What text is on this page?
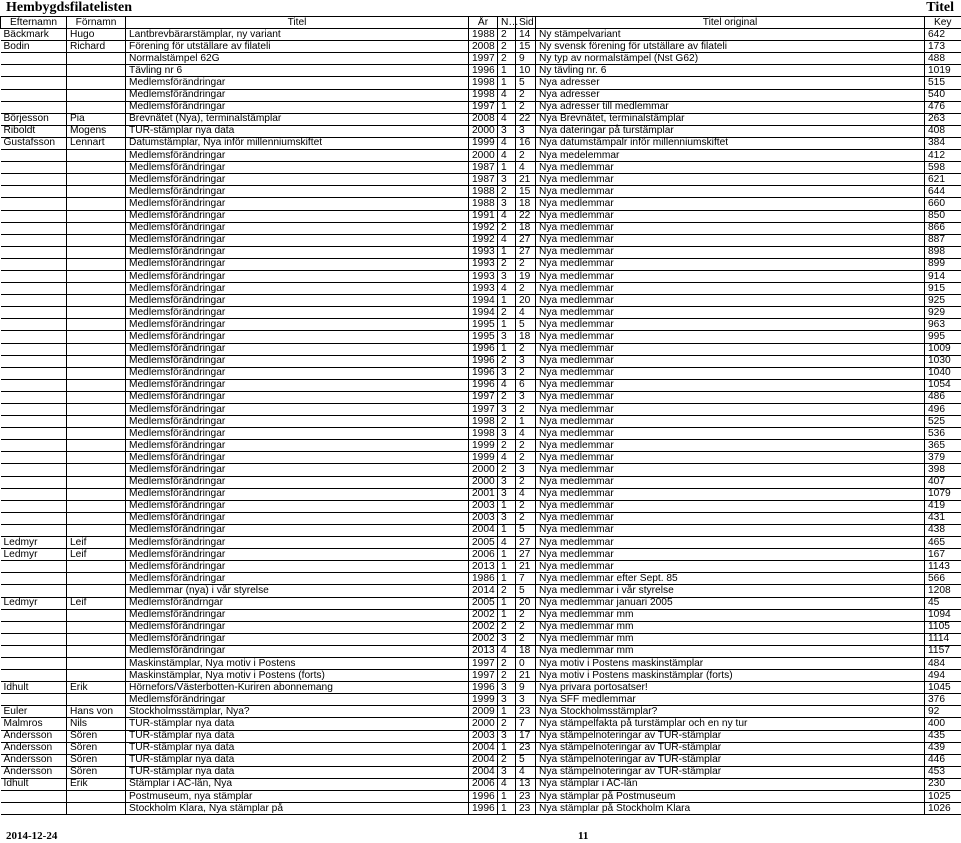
Hembygdsfilatelisten	Titel
Efternamn	Förnamn	Titel	År	N…	Sid	Titel original	Key
Bäckmark	Hugo	Lantbrevbärarstämplar, ny variant	1988	2	14	Ny stämpelvariant	642
Bodin	Richard	Förening för utställare av filateli	2008	2	15	Ny svensk förening för utställare av filateli	173
		Normalstämpel 62G	1997	2	9	Ny typ av normalstämpel (Nst G62)	488
		Tävling nr 6	1996	1	10	Ny tävling nr. 6	1019
		Medlemsförändringar	1998	1	5	Nya adresser	515
		Medlemsförändringar	1998	4	2	Nya adresser	540
		Medlemsförändringar	1997	1	2	Nya adresser till medlemmar	476
Börjesson	Pia	Brevnätet (Nya), terminalstämplar	2008	4	22	Nya Brevnätet, terminalstämplar	263
Riboldt	Mogens	TUR-stämplar nya data	2000	3	3	Nya dateringar på turstämplar	408
Gustafsson	Lennart	Datumstämplar, Nya inför millenniumskiftet	1999	4	16	Nya datumstämpalr inför millenniumskiftet	384
		Medlemsförändringar	2000	4	2	Nya medelemmar	412
		Medlemsförändringar	1987	1	4	Nya medlemmar	598
		Medlemsförändringar	1987	3	21	Nya medlemmar	621
		Medlemsförändringar	1988	2	15	Nya medlemmar	644
		Medlemsförändringar	1988	3	18	Nya medlemmar	660
		Medlemsförändringar	1991	4	22	Nya medlemmar	850
		Medlemsförändringar	1992	2	18	Nya medlemmar	866
		Medlemsförändringar	1992	4	27	Nya medlemmar	887
		Medlemsförändringar	1993	1	27	Nya medlemmar	898
		Medlemsförändringar	1993	2	2	Nya medlemmar	899
		Medlemsförändringar	1993	3	19	Nya medlemmar	914
		Medlemsförändringar	1993	4	2	Nya medlemmar	915
		Medlemsförändringar	1994	1	20	Nya medlemmar	925
		Medlemsförändringar	1994	2	4	Nya medlemmar	929
		Medlemsförändringar	1995	1	5	Nya medlemmar	963
		Medlemsförändringar	1995	3	18	Nya medlemmar	995
		Medlemsförändringar	1996	1	2	Nya medlemmar	1009
		Medlemsförändringar	1996	2	3	Nya medlemmar	1030
		Medlemsförändringar	1996	3	2	Nya medlemmar	1040
		Medlemsförändringar	1996	4	6	Nya medlemmar	1054
		Medlemsförändringar	1997	2	3	Nya medlemmar	486
		Medlemsförändringar	1997	3	2	Nya medlemmar	496
		Medlemsförändringar	1998	2	1	Nya medlemmar	525
		Medlemsförändringar	1998	3	4	Nya medlemmar	536
		Medlemsförändringar	1999	2	2	Nya medlemmar	365
		Medlemsförändringar	1999	4	2	Nya medlemmar	379
		Medlemsförändringar	2000	2	3	Nya medlemmar	398
		Medlemsförändringar	2000	3	2	Nya medlemmar	407
		Medlemsförändringar	2001	3	4	Nya medlemmar	1079
		Medlemsförändringar	2003	1	2	Nya medlemmar	419
		Medlemsförändringar	2003	3	2	Nya medlemmar	431
		Medlemsförändringar	2004	1	5	Nya medlemmar	438
Ledmyr	Leif	Medlemsförändringar	2005	4	27	Nya medlemmar	465
Ledmyr	Leif	Medlemsförändringar	2006	1	27	Nya medlemmar	167
		Medlemsförändringar	2013	1	21	Nya medlemmar	1143
		Medlemsförändringar	1986	1	7	Nya medlemmar efter Sept. 85	566
		Medlemmar (nya) i vår styrelse	2014	2	5	Nya medlemmar i vår styrelse	1208
Ledmyr	Leif	Medlemsförändrngar	2005	1	20	Nya medlemmar januari 2005	45
		Medlemsförändringar	2002	1	2	Nya medlemmar mm	1094
		Medlemsförändringar	2002	2	2	Nya medlemmar mm	1105
		Medlemsförändringar	2002	3	2	Nya medlemmar mm	1114
		Medlemsförändringar	2013	4	18	Nya medlemmar mm	1157
		Maskinstämplar, Nya motiv i Postens	1997	2	0	Nya motiv i Postens maskinstämplar	484
		Maskinstämplar, Nya motiv i Postens (forts)	1997	2	21	Nya motiv i Postens maskinstämplar (forts)	494
Idhult	Erik	Hörnefors/Västerbotten-Kuriren abonnemang	1996	3	9	Nya privara portosatser!	1045
		Medlemsförändringar	1999	3	3	Nya SFF medlemmar	376
Euler	Hans von	Stockholmsstämplar, Nya?	2009	1	23	Nya Stockholmsstämplar?	92
Malmros	Nils	TUR-stämplar nya data	2000	2	7	Nya stämpelfakta på turstämplar och en ny tur	400
Andersson	Sören	TUR-stämplar nya data	2003	3	17	Nya stämpelnoteringar av TUR-stämplar	435
Andersson	Sören	TUR-stämplar nya data	2004	1	23	Nya stämpelnoteringar av TUR-stämplar	439
Andersson	Sören	TUR-stämplar nya data	2004	2	5	Nya stämpelnoteringar av TUR-stämplar	446
Andersson	Sören	TUR-stämplar nya data	2004	3	4	Nya stämpelnoteringar av TUR-stämplar	453
Idhult	Erik	Stämplar i AC-län, Nya	2006	4	13	Nya stämplar i AC-län	230
		Postmuseum, nya stämplar	1996	1	23	Nya stämplar på Postmuseum	1025
		Stockholm Klara, Nya stämplar på	1996	1	23	Nya stämplar på Stockholm Klara	1026
2014-12-24	11
